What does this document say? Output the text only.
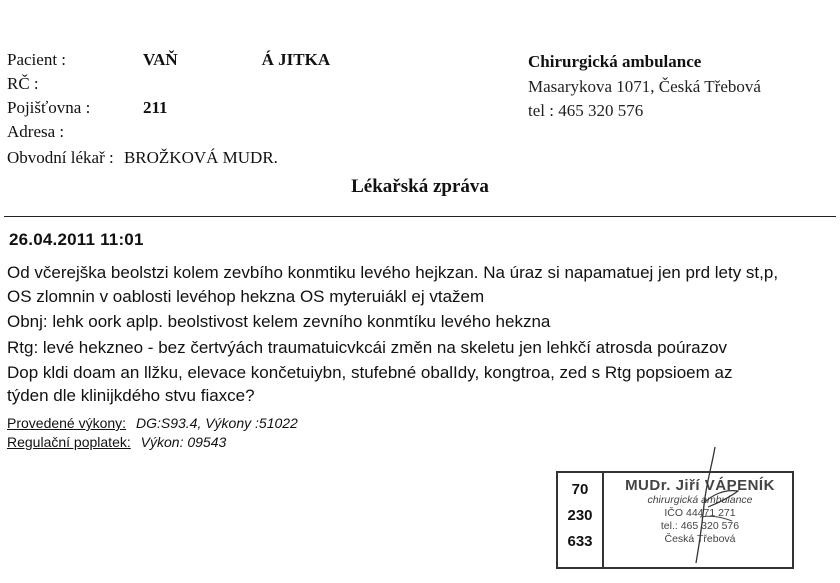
Pacient :	VAŇ	Á JITKA
RČ :
Pojišťovna :	211
Adresa :
Obvodní lékař : BROŽKOVÁ MUDR.
Chirurgická ambulance
Masarykova 1071, Česká Třebová
tel : 465 320 576
Lékařská zpráva
26.04.2011 11:01
Od včerejška beolstzi kolem zevbího konmtiku levého hejkzan. Na úraz si napamatuej jen prd lety st,p,
OS zlomnin v oablosti levéhop hekzna OS myteruiákl ej vtažem
Obnj: lehk oork aplp. beolstivost kelem zevního konmtíku levého hekzna
Rtg: levé hekzneo - bez čertvýách traumatuicvkcái změn na skeletu jen lehkčí atrosda poúrazov
Dop kldi doam an llžku, elevace končetuiybn, stufebné obalIdy, kongtroa, zed s Rtg popsioem az
týden dle klinijkdého stvu fiaxce?
Provedené výkony: DG:S93.4, Výkony :51022
Regulační poplatek: Výkon: 09543
70
230
633
MUDr. Jiří VÁPENÍK
chirurgická ambulance
IČO 44471 271
tel.: 465 320 576
Česká Třebová
